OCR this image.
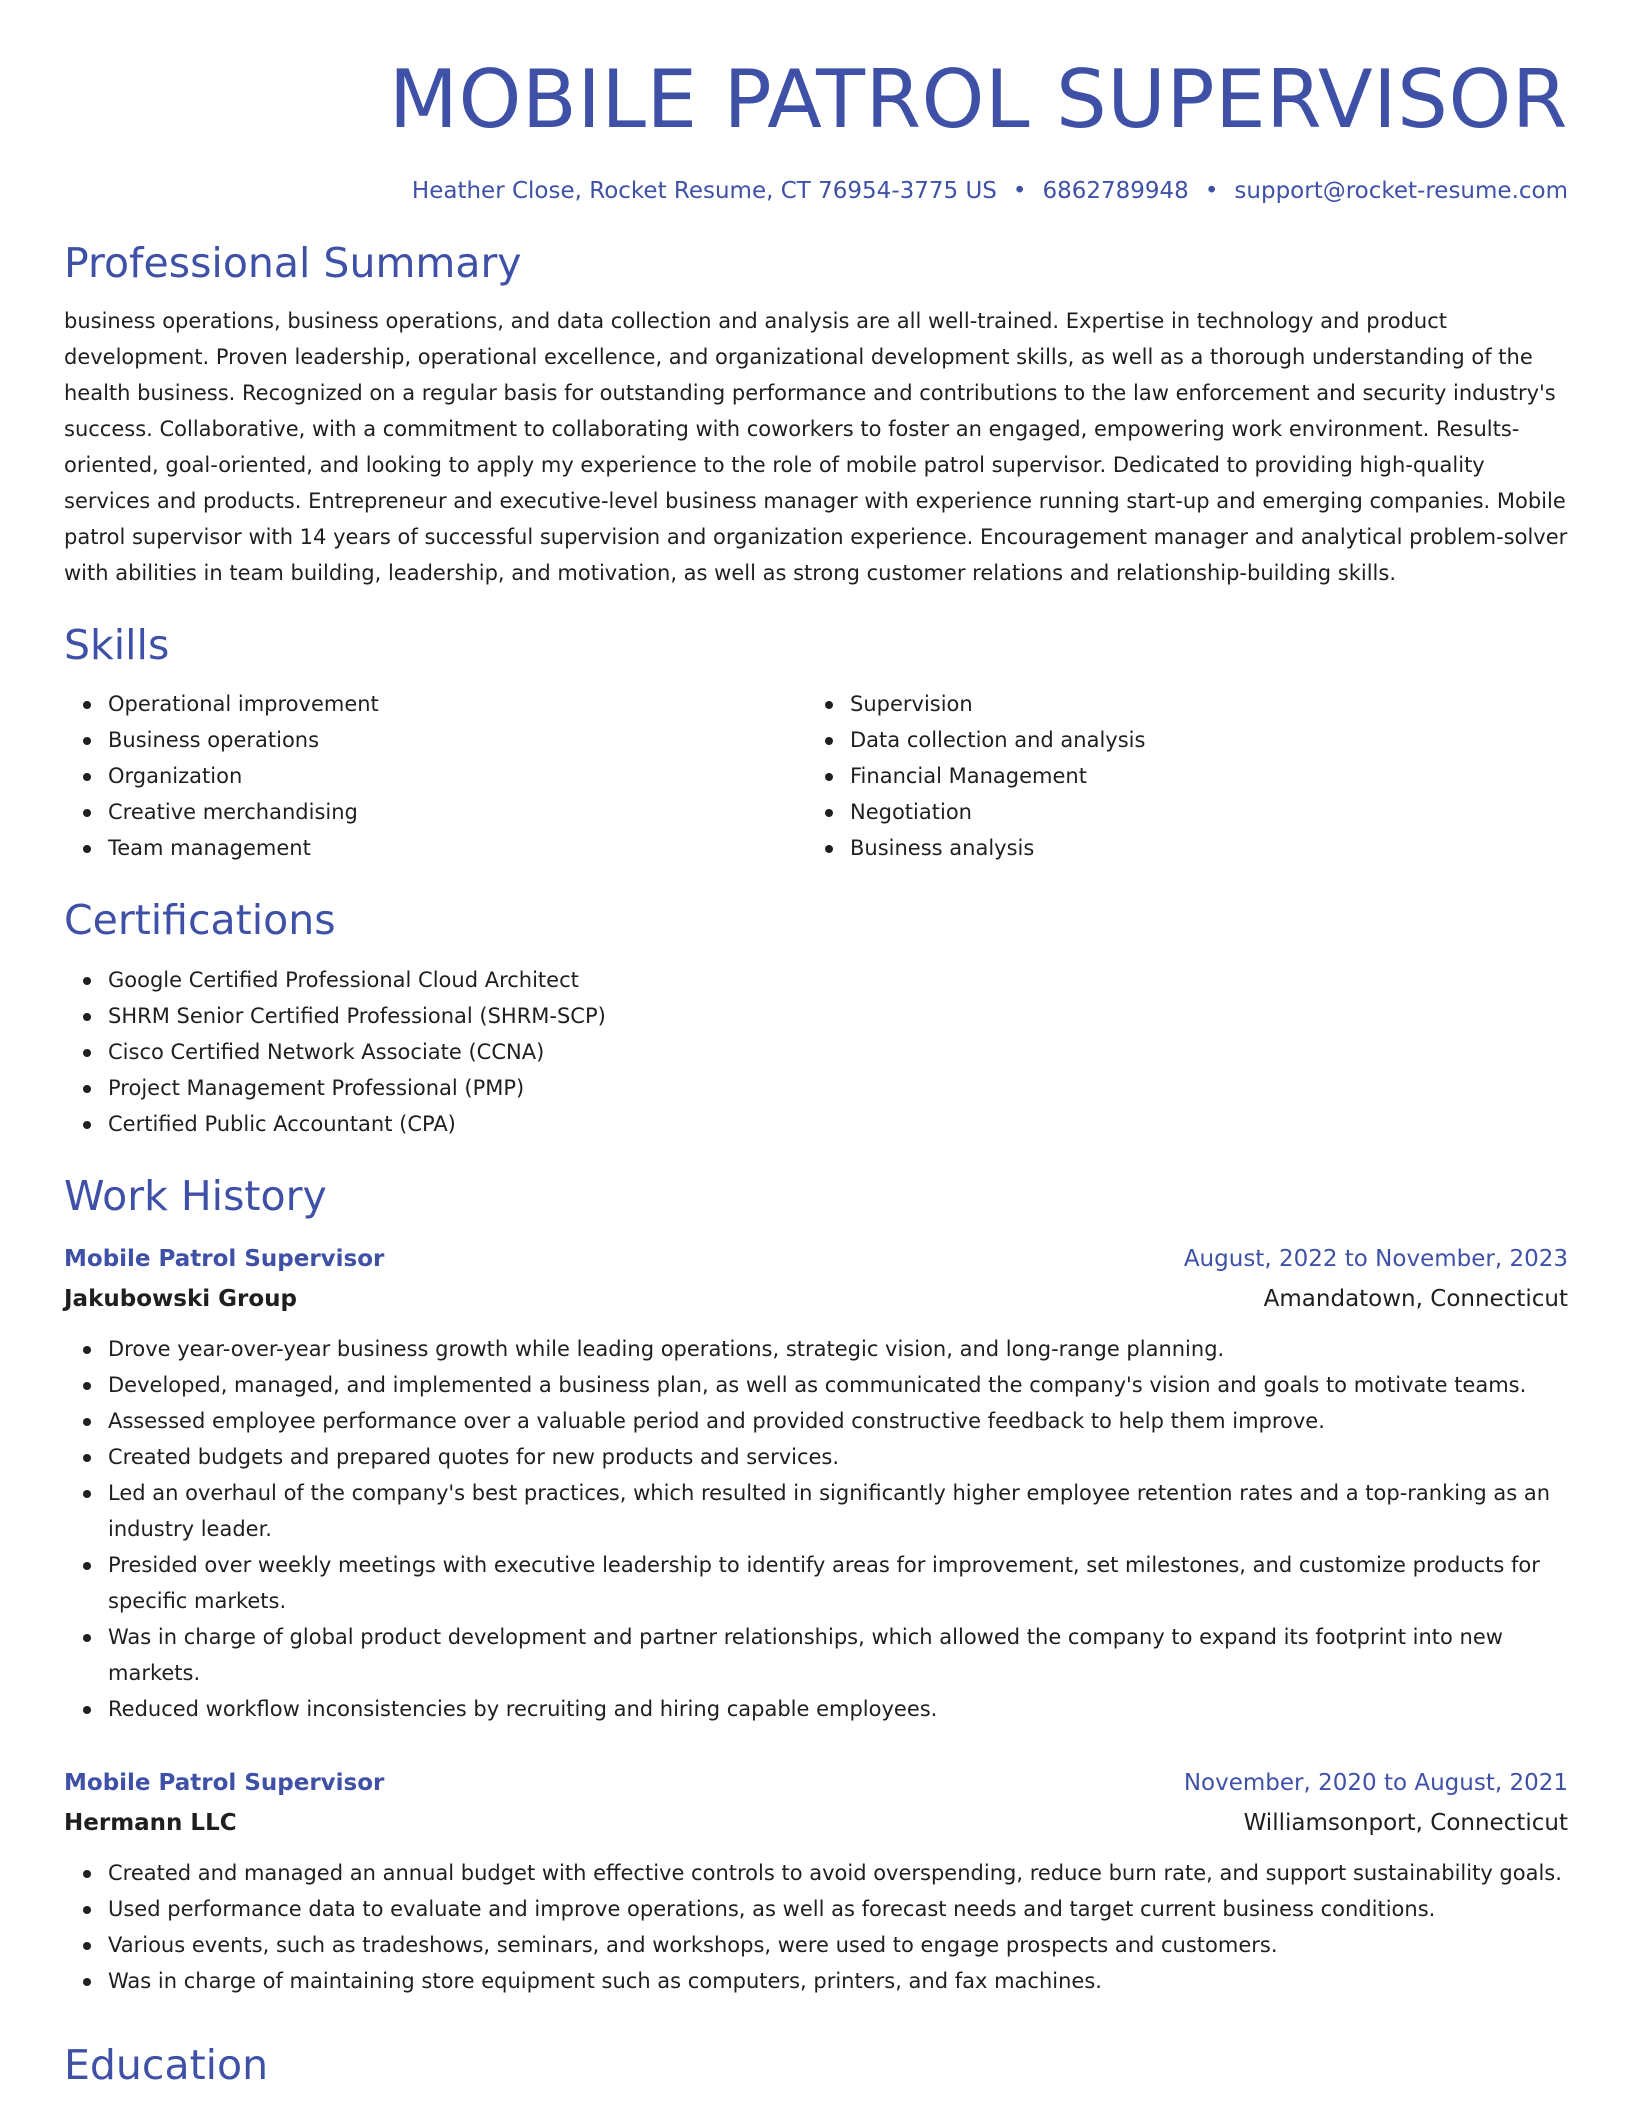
MOBILE PATROL SUPERVISOR
Heather Close, Rocket Resume, CT 76954-3775 US • 6862789948 • support@rocket-resume.com
Professional Summary

business operations, business operations, and data collection and analysis are all well-trained. Expertise in technology and product development. Proven leadership, operational excellence, and organizational development skills, as well as a thorough understanding of the health business. Recognized on a regular basis for outstanding performance and contributions to the law enforcement and security industry's success. Collaborative, with a commitment to collaborating with coworkers to foster an engaged, empowering work environment. Results-oriented, goal-oriented, and looking to apply my experience to the role of mobile patrol supervisor. Dedicated to providing high-quality services and products. Entrepreneur and executive-level business manager with experience running start-up and emerging companies. Mobile patrol supervisor with 14 years of successful supervision and organization experience. Encouragement manager and analytical problem-solver with abilities in team building, leadership, and motivation, as well as strong customer relations and relationship-building skills.

Skills
Operational improvement
Business operations
Organization
Creative merchandising
Team management
Supervision
Data collection and analysis
Financial Management
Negotiation
Business analysis
Certifications
Google Certified Professional Cloud Architect
SHRM Senior Certified Professional (SHRM-SCP)
Cisco Certified Network Associate (CCNA)
Project Management Professional (PMP)
Certified Public Accountant (CPA)
Work History
Mobile Patrol Supervisor	August, 2022 to November, 2023
Jakubowski Group	Amandatown, Connecticut
Drove year-over-year business growth while leading operations, strategic vision, and long-range planning.
Developed, managed, and implemented a business plan, as well as communicated the company's vision and goals to motivate teams.
Assessed employee performance over a valuable period and provided constructive feedback to help them improve.
Created budgets and prepared quotes for new products and services.
Led an overhaul of the company's best practices, which resulted in significantly higher employee retention rates and a top-ranking as an industry leader.
Presided over weekly meetings with executive leadership to identify areas for improvement, set milestones, and customize products for specific markets.
Was in charge of global product development and partner relationships, which allowed the company to expand its footprint into new markets.
Reduced workflow inconsistencies by recruiting and hiring capable employees.
Mobile Patrol Supervisor	November, 2020 to August, 2021
Hermann LLC	Williamsonport, Connecticut
Created and managed an annual budget with effective controls to avoid overspending, reduce burn rate, and support sustainability goals.
Used performance data to evaluate and improve operations, as well as forecast needs and target current business conditions.
Various events, such as tradeshows, seminars, and workshops, were used to engage prospects and customers.
Was in charge of maintaining store equipment such as computers, printers, and fax machines.
Education
